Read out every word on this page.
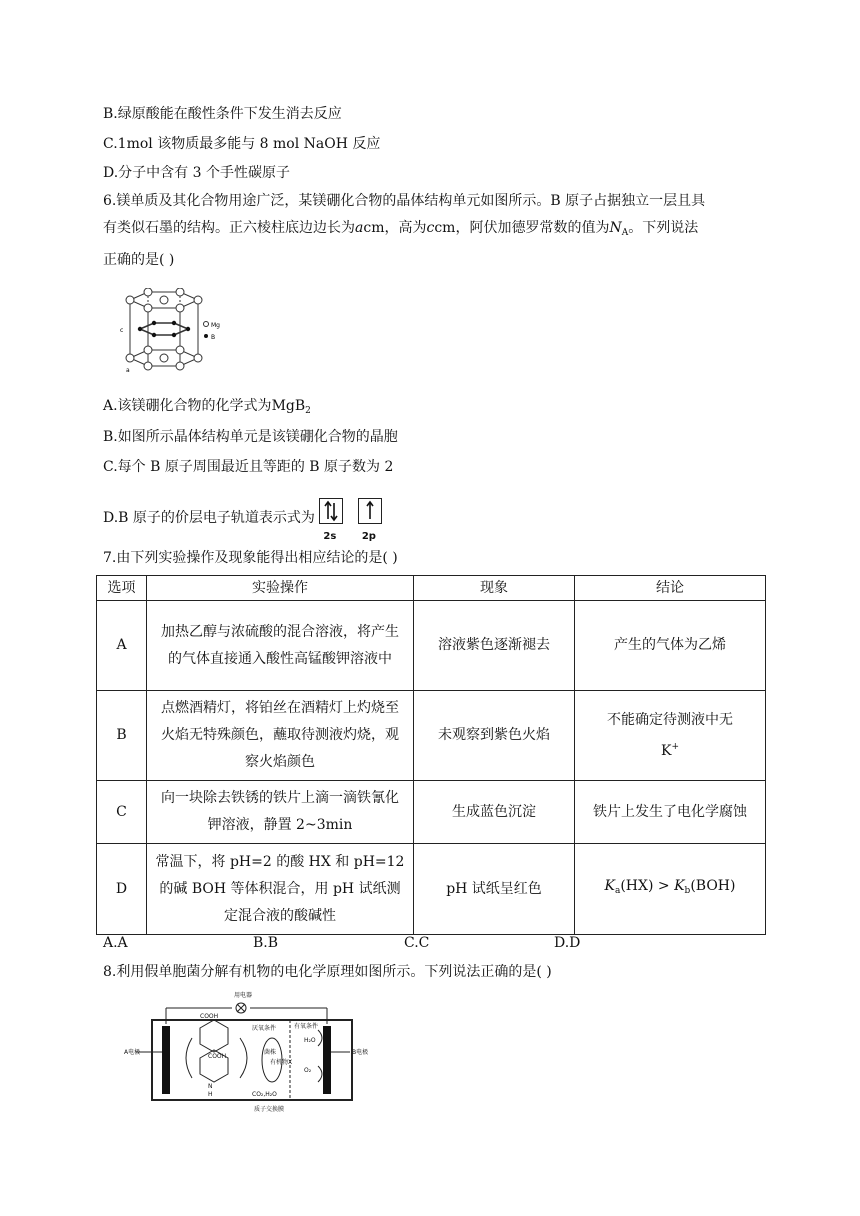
B.绿原酸能在酸性条件下发生消去反应
C.1mol 该物质最多能与 8 mol NaOH 反应
D.分子中含有 3 个手性碳原子
6.镁单质及其化合物用途广泛，某镁硼化合物的晶体结构单元如图所示。B 原子占据独立一层且具
有类似石墨的结构。正六棱柱底边边长为acm，高为ccm，阿伏加德罗常数的值为$N_A$。下列说法
正确的是( )
Mg
B
c
a
A.该镁硼化合物的化学式为MgB$_2$
B.如图所示晶体结构单元是该镁硼化合物的晶胞
C.每个 B 原子周围最近且等距的 B 原子数为 2
D.B 原子的价层电子轨道表示式为
2s
	2p
7.由下列实验操作及现象能得出相应结论的是( )
选项	实验操作	现象	结论
A	加热乙醇与浓硫酸的混合溶液，将产生的气体直接通入酸性高锰酸钾溶液中	溶液紫色逐渐褪去	产生的气体为乙烯
B	点燃酒精灯，将铂丝在酒精灯上灼烧至火焰无特殊颜色，蘸取待测液灼烧，观察火焰颜色	未观察到紫色火焰	不能确定待测液中无
K+
C	向一块除去铁锈的铁片上滴一滴铁氰化钾溶液，静置 2~3min	生成蓝色沉淀	铁片上发生了电化学腐蚀
D	常温下，将 pH=2 的酸 HX 和 pH=12 的碱 BOH 等体积混合，用 pH 试纸测定混合液的酸碱性	pH 试纸呈红色	$K_a(HX) > K_b(BOH)$
A.A	B.B	C.C	D.D
8.利用假单胞菌分解有机物的电化学原理如图所示。下列说法正确的是( )
用电器
A电极	B电极
厌氧条件	有氧条件
COOH
COOH
N
H
菌株
有机物X
CO₂,H₂O
H₂O
O₂
质子交换膜
